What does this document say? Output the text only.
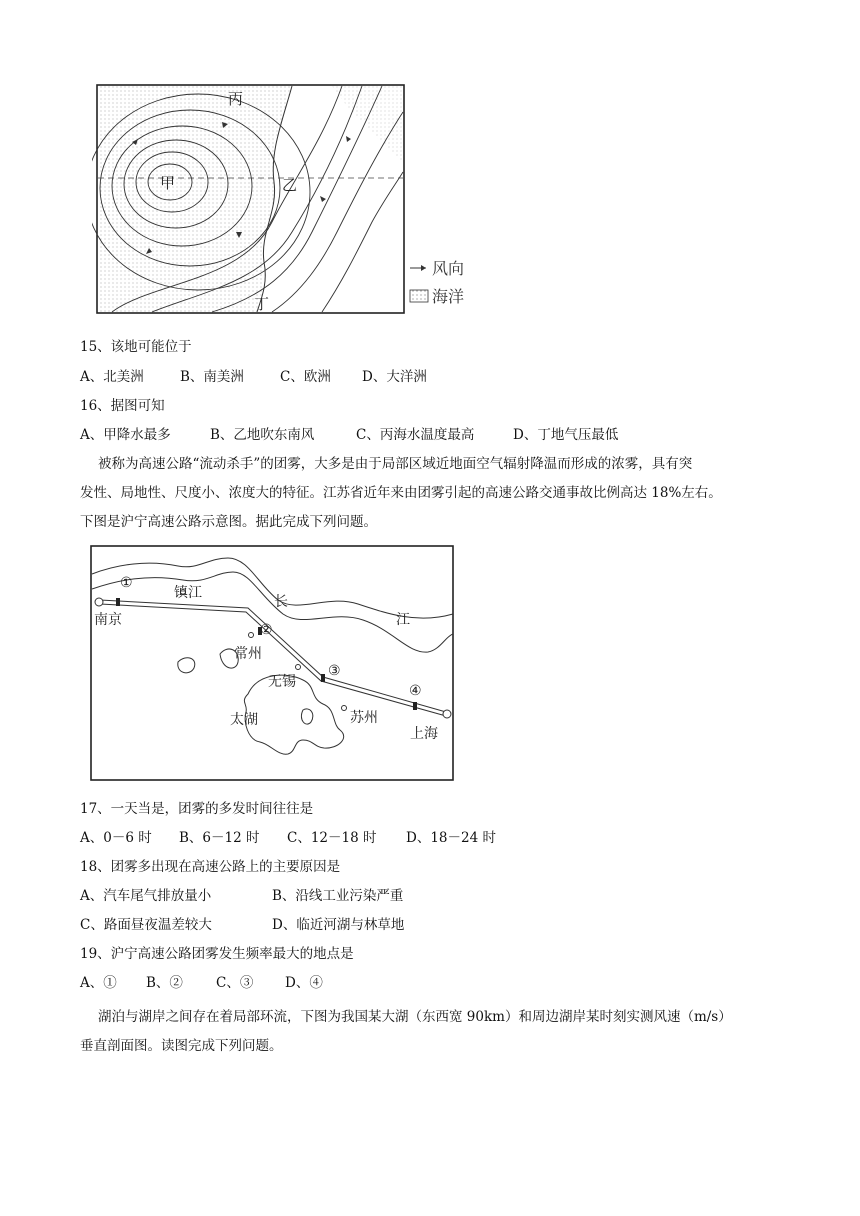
甲	乙
丙
丁
风向
海洋
15、该地可能位于
A、北美洲	B、南美洲	C、欧洲 D、大洋洲
16、据图可知
A、甲降水最多	B、乙地吹东南风	C、丙海水温度最高	D、丁地气压最低
被称为高速公路“流动杀手”的团雾，大多是由于局部区域近地面空气辐射降温而形成的浓雾，具有突
发性、局地性、尺度小、浓度大的特征。江苏省近年来由团雾引起的高速公路交通事故比例高达 18%左右。
下图是沪宁高速公路示意图。据此完成下列问题。
①
②
③
④
南京
镇江
常州
无锡
苏州
上海
太湖
长
江
17、一天当是，团雾的多发时间往往是
A、0－6 时 B、6－12 时 C、12－18 时 D、18－24 时
18、团雾多出现在高速公路上的主要原因是
A、汽车尾气排放量小	B、沿线工业污染严重
C、路面昼夜温差较大	D、临近河湖与林草地
19、沪宁高速公路团雾发生频率最大的地点是
A、① B、② C、③ D、④
湖泊与湖岸之间存在着局部环流，下图为我国某大湖（东西宽 90km）和周边湖岸某时刻实测风速（m/s）
垂直剖面图。读图完成下列问题。
